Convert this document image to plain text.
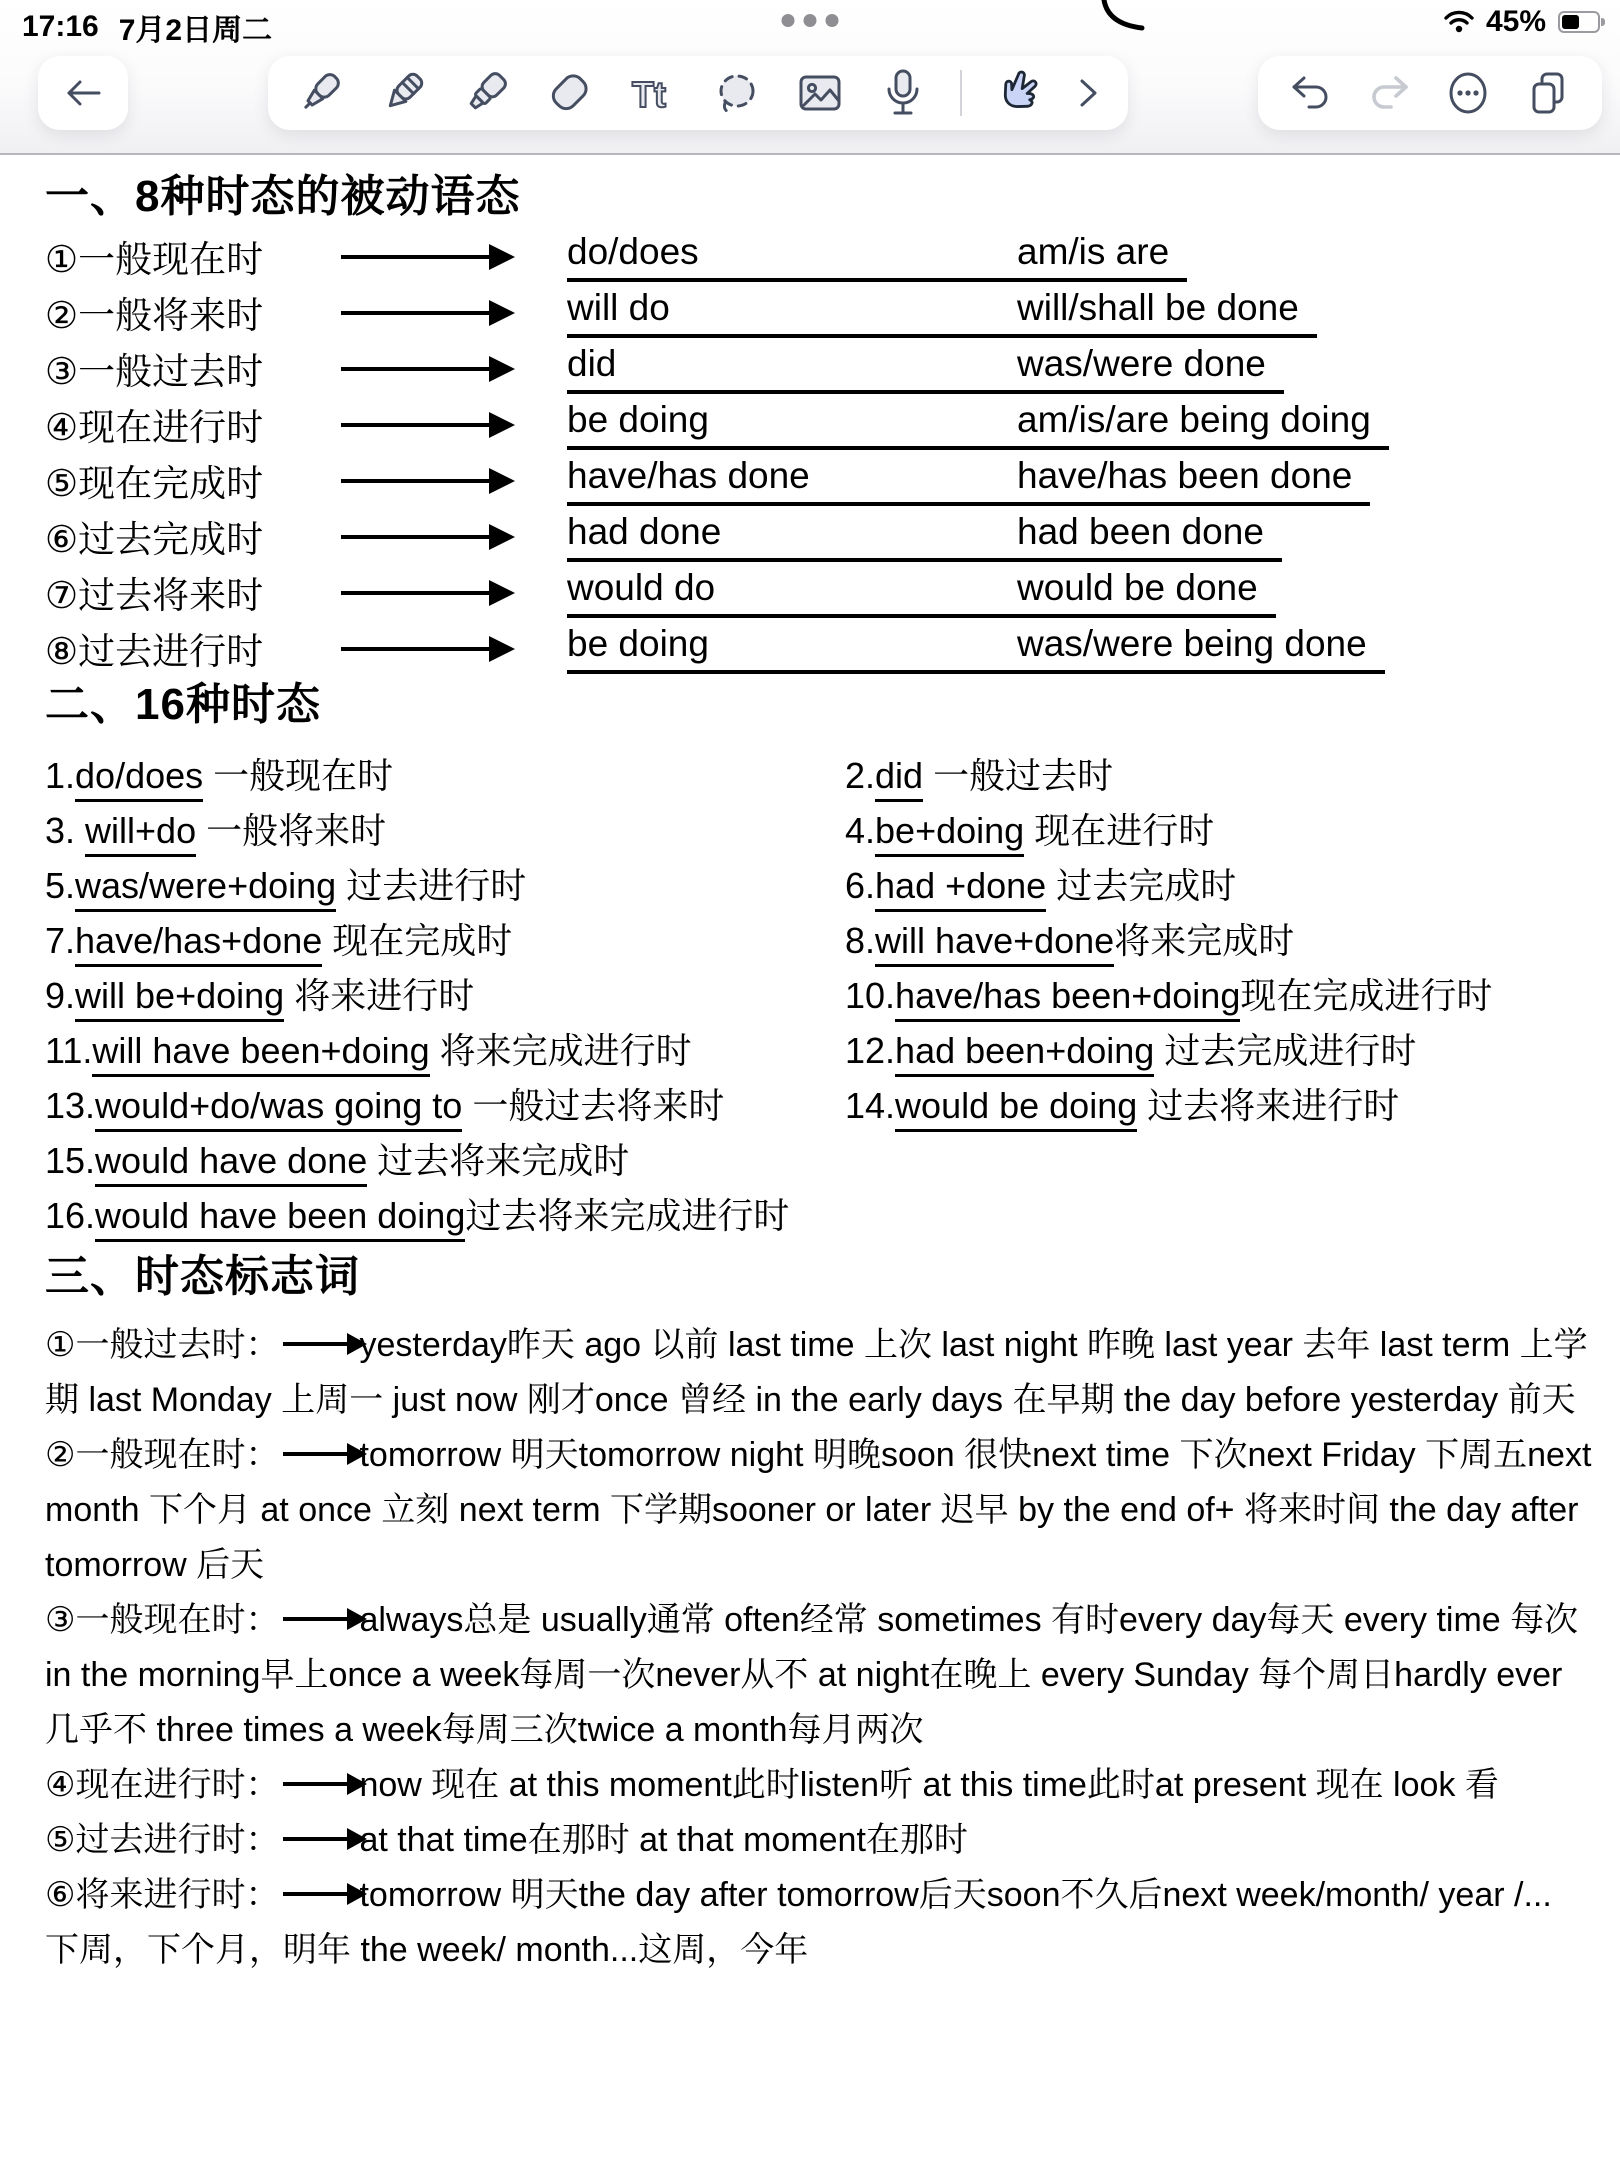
17:16 7月2日周二	45%
Tt
一、8种时态的被动语态
①一般现在时	do/does	am/is are
②一般将来时	will do	will/shall be done
③一般过去时	did	was/were done
④现在进行时	be doing	am/is/are being doing
⑤现在完成时	have/has done	have/has been done
⑥过去完成时	had done	had been done
⑦过去将来时	would do	would be done
⑧过去进行时	be doing	was/were being done
二、16种时态
1.do/does 一般现在时	2.did 一般过去时
3. will+do 一般将来时	4.be+doing 现在进行时
5.was/were+doing 过去进行时	6.had +done 过去完成时
7.have/has+done 现在完成时	8.will have+done将来完成时
9.will be+doing 将来进行时	10.have/has been+doing现在完成进行时
11.will have been+doing 将来完成进行时	12.had been+doing 过去完成进行时
13.would+do/was going to 一般过去将来时	14.would be doing 过去将来进行时
15.would have done 过去将来完成时
16.would have been doing过去将来完成进行时
三、时态标志词
①一般过去时： yesterday昨天 ago 以前 last time 上次 last night 昨晚 last year 去年 last term 上学期 last Monday 上周一 just now 刚才once 曾经 in the early days 在早期 the day before yesterday 前天
②一般现在时： tomorrow 明天tomorrow night 明晚soon 很快next time 下次next Friday 下周五next month 下个月 at once 立刻 next term 下学期sooner or later 迟早 by the end of+ 将来时间 the day after tomorrow 后天
③一般现在时： always总是 usually通常 often经常 sometimes 有时every day每天 every time 每次in the morning早上once a week每周一次never从不 at night在晚上 every Sunday 每个周日hardly ever 几乎不 three times a week每周三次twice a month每月两次
④现在进行时： now 现在 at this moment此时listen听 at this time此时at present 现在 look 看
⑤过去进行时： at that time在那时 at that moment在那时
⑥将来进行时： tomorrow 明天the day after tomorrow后天soon不久后next week/month/ year /... 下周，下个月，明年 the week/ month...这周，今年
